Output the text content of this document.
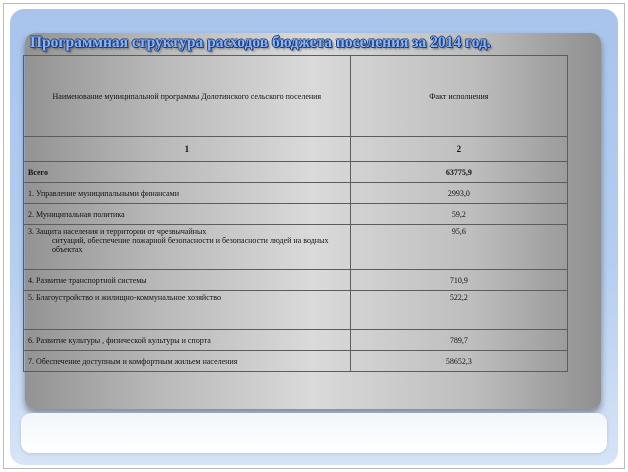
Программная структура расходов бюджета поселения за 2014 год.
Наименование муниципальной программы Долотинского сельского поселения	Факт исполнения
1	2
Всего	63775,9
1. Управление муниципальными финансами	2993,0
2. Муниципальная политика	59,2
3. Защита населения и территории от чрезвычайных
ситуаций, обеспечение пожарной безопасности и безопасности людей на водных объектах	95,6
4. Развитие транспортной системы	710,9
5. Благоустройство и жилищно-коммунальное хозяйство	522,2
6. Развитие культуры , физической культуры и спорта	789,7
7. Обеспечение доступным и комфортным жильем населения	58652,3
